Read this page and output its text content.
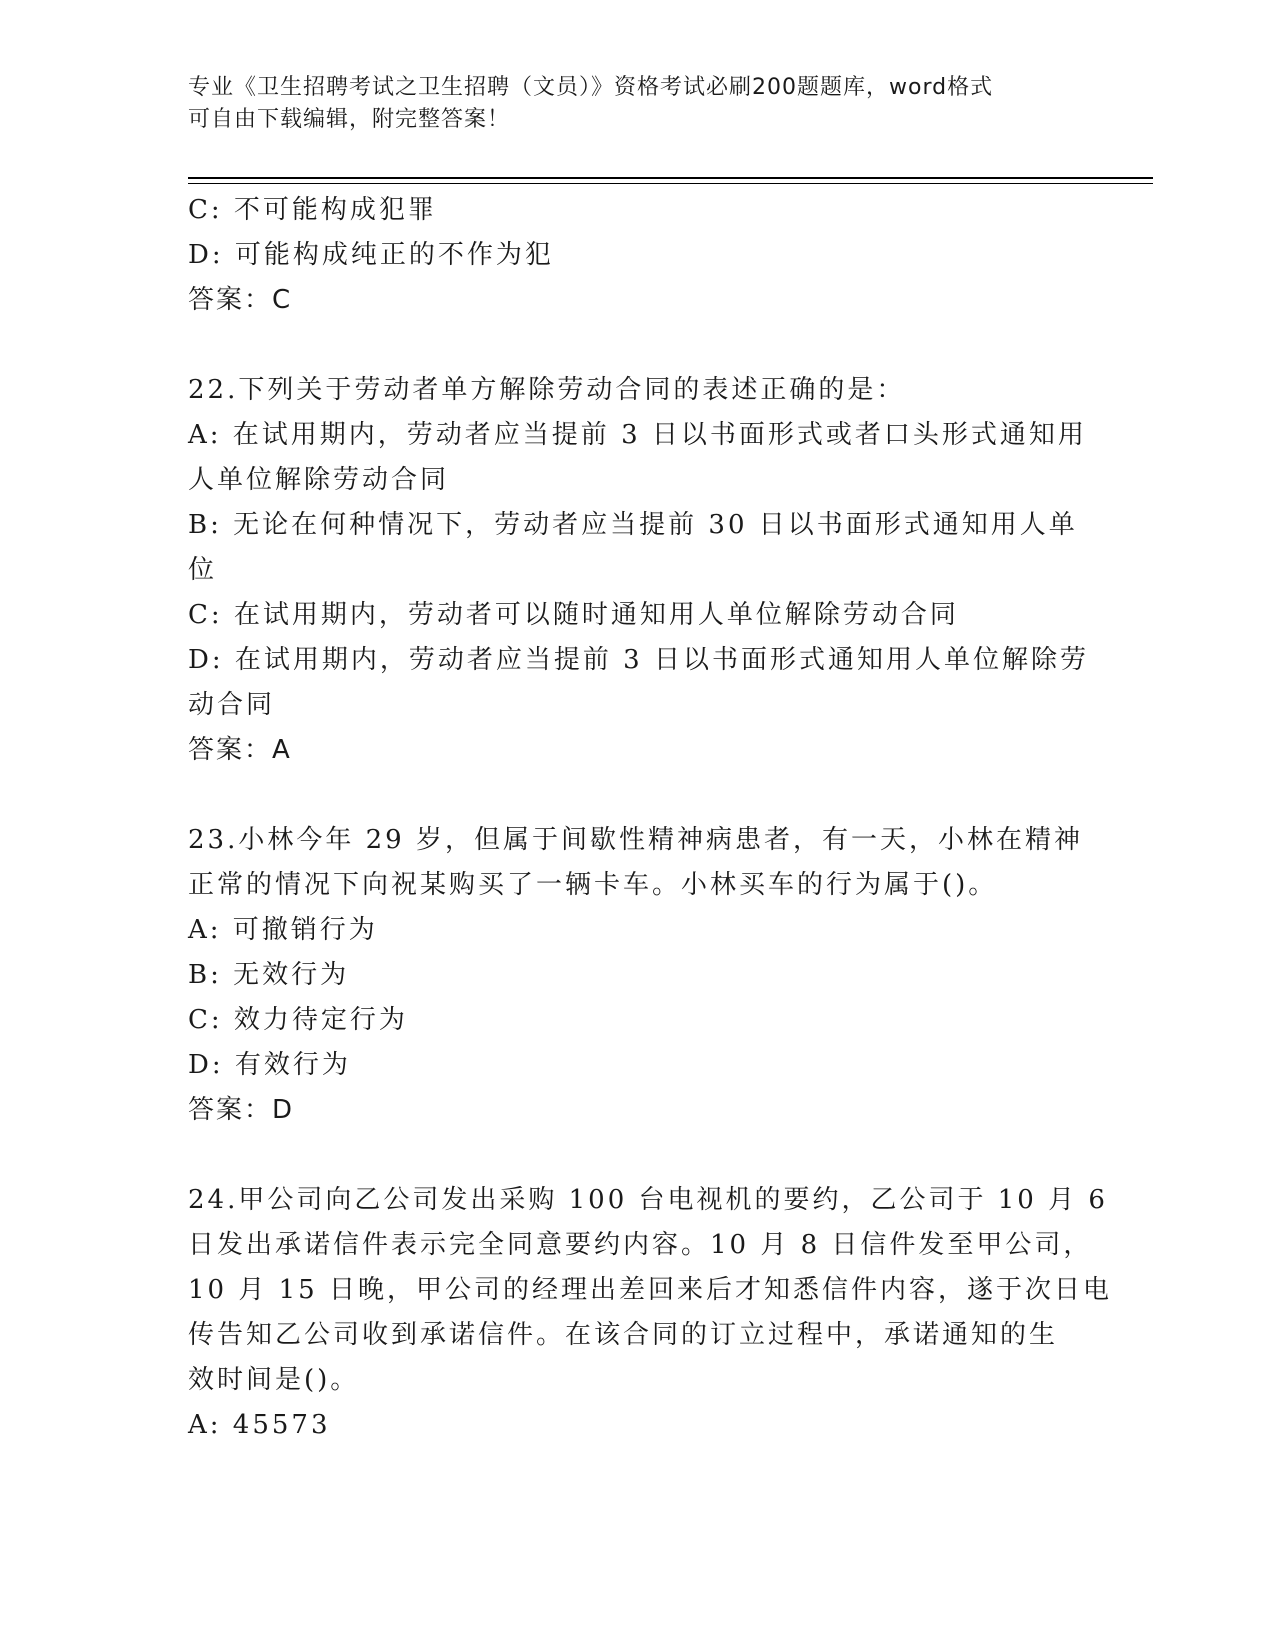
专业《卫生招聘考试之卫生招聘（文员）》资格考试必刷200题题库，word格式
可自由下载编辑，附完整答案！
C: 不可能构成犯罪
D: 可能构成纯正的不作为犯
答案：C
22.下列关于劳动者单方解除劳动合同的表述正确的是：
A: 在试用期内，劳动者应当提前 3 日以书面形式或者口头形式通知用
人单位解除劳动合同
B: 无论在何种情况下，劳动者应当提前 30 日以书面形式通知用人单
位
C: 在试用期内，劳动者可以随时通知用人单位解除劳动合同
D: 在试用期内，劳动者应当提前 3 日以书面形式通知用人单位解除劳
动合同
答案：A
23.小林今年 29 岁，但属于间歇性精神病患者，有一天，小林在精神
正常的情况下向祝某购买了一辆卡车。小林买车的行为属于()。
A: 可撤销行为
B: 无效行为
C: 效力待定行为
D: 有效行为
答案：D
24.甲公司向乙公司发出采购 100 台电视机的要约，乙公司于 10 月 6
日发出承诺信件表示完全同意要约内容。10 月 8 日信件发至甲公司，
10 月 15 日晚，甲公司的经理出差回来后才知悉信件内容，遂于次日电
传告知乙公司收到承诺信件。在该合同的订立过程中，承诺通知的生
效时间是()。
A: 45573
